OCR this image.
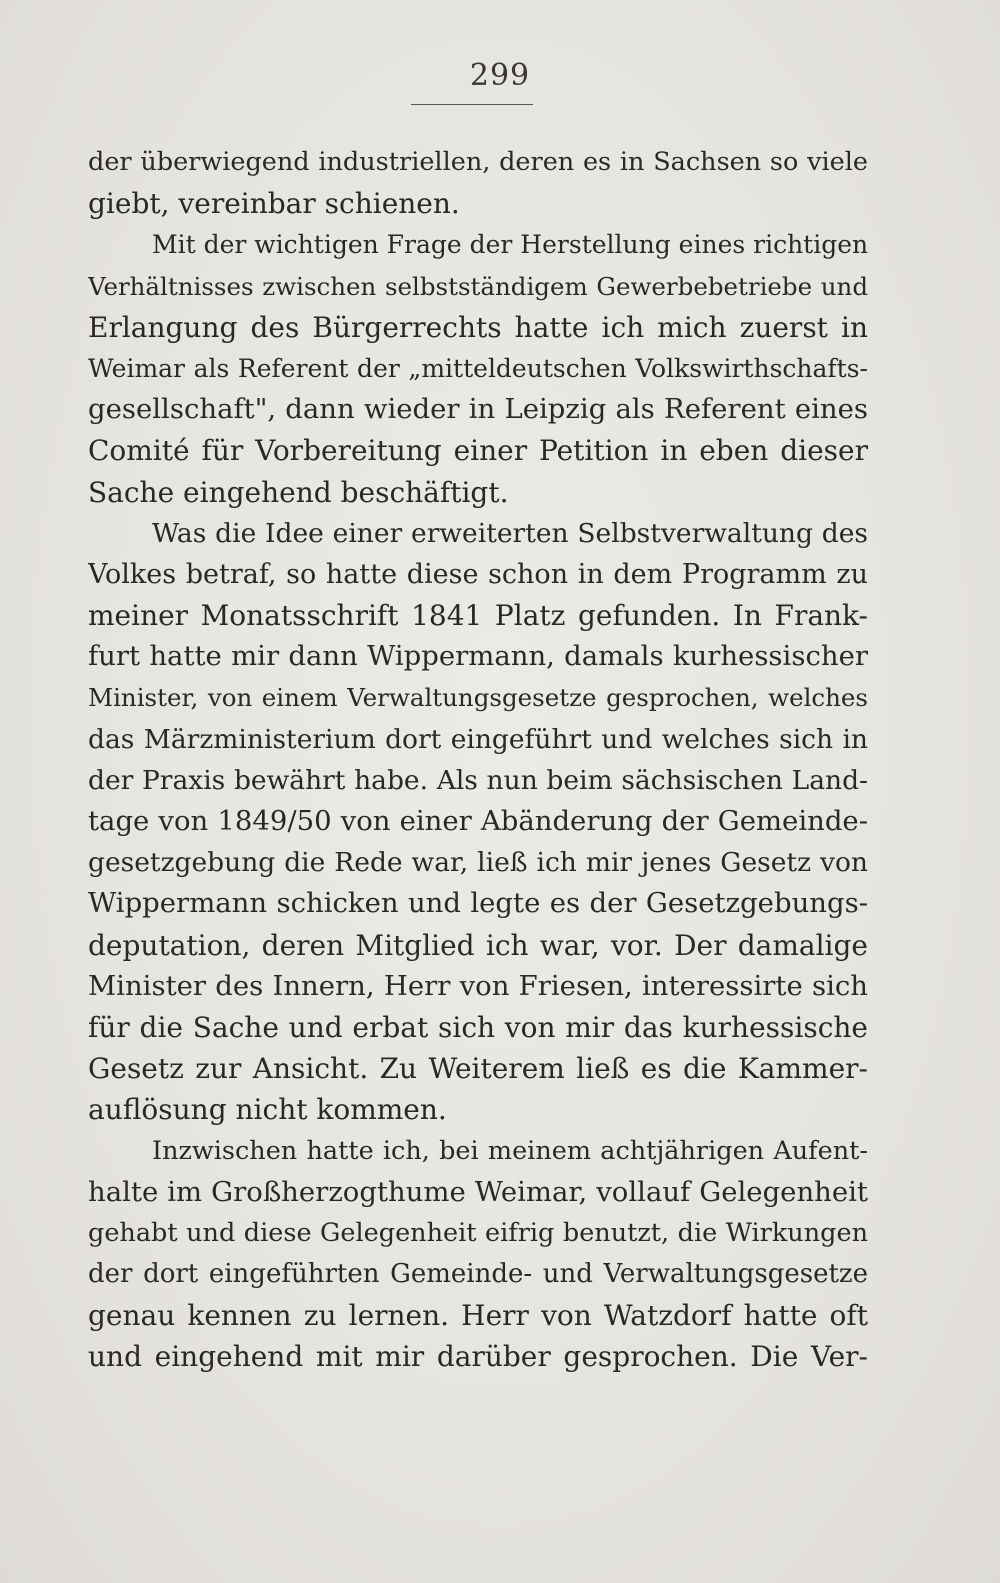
299
der überwiegend industriellen, deren es in Sachsen so viele
giebt, vereinbar schienen.
Mit der wichtigen Frage der Herstellung eines richtigen
Verhältnisses zwischen selbstständigem Gewerbebetriebe und
Erlangung des Bürgerrechts hatte ich mich zuerst in
Weimar als Referent der „mitteldeutschen Volkswirthschafts-
gesellschaft", dann wieder in Leipzig als Referent eines
Comité für Vorbereitung einer Petition in eben dieser
Sache eingehend beschäftigt.
Was die Idee einer erweiterten Selbstverwaltung des
Volkes betraf, so hatte diese schon in dem Programm zu
meiner Monatsschrift 1841 Platz gefunden. In Frank-
furt hatte mir dann Wippermann, damals kurhessischer
Minister, von einem Verwaltungsgesetze gesprochen, welches
das Märzministerium dort eingeführt und welches sich in
der Praxis bewährt habe. Als nun beim sächsischen Land-
tage von 1849/50 von einer Abänderung der Gemeinde-
gesetzgebung die Rede war, ließ ich mir jenes Gesetz von
Wippermann schicken und legte es der Gesetzgebungs-
deputation, deren Mitglied ich war, vor. Der damalige
Minister des Innern, Herr von Friesen, interessirte sich
für die Sache und erbat sich von mir das kurhessische
Gesetz zur Ansicht. Zu Weiterem ließ es die Kammer-
auflösung nicht kommen.
Inzwischen hatte ich, bei meinem achtjährigen Aufent-
halte im Großherzogthume Weimar, vollauf Gelegenheit
gehabt und diese Gelegenheit eifrig benutzt, die Wirkungen
der dort eingeführten Gemeinde- und Verwaltungsgesetze
genau kennen zu lernen. Herr von Watzdorf hatte oft
und eingehend mit mir darüber gesprochen. Die Ver-
